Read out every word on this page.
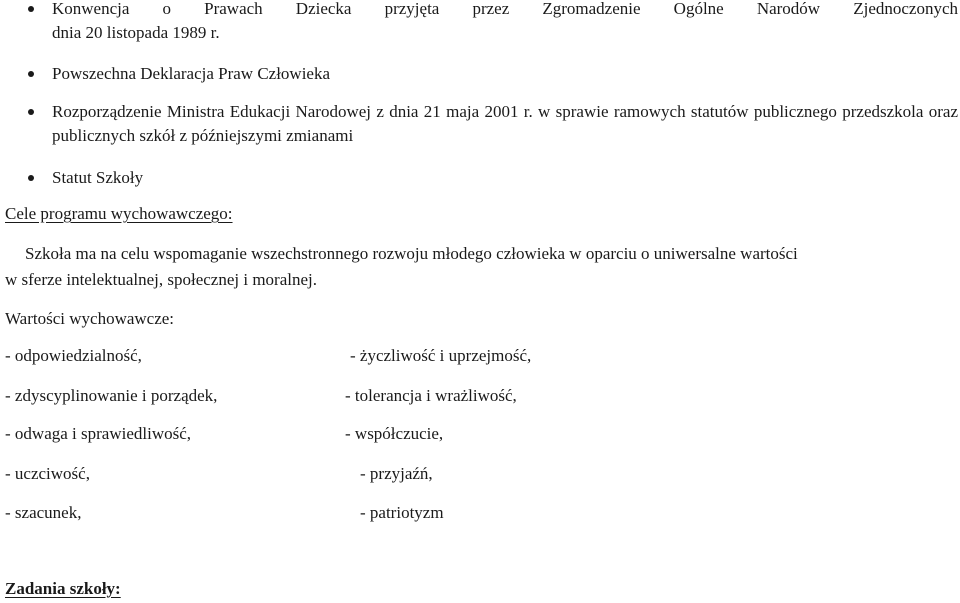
Konwencja o Prawach Dziecka przyjęta przez Zgromadzenie Ogólne Narodów Zjednoczonych
dnia 20 listopada 1989 r.
Powszechna Deklaracja Praw Człowieka
Rozporządzenie Ministra Edukacji Narodowej z dnia 21 maja 2001 r. w sprawie ramowych statutów publicznego przedszkola oraz publicznych szkół z późniejszymi zmianami
Statut Szkoły
Cele programu wychowawczego:
Szkoła ma na celu wspomaganie wszechstronnego rozwoju młodego człowieka w oparciu o uniwersalne wartości
w sferze intelektualnej, społecznej i moralnej.
Wartości wychowawcze:
- odpowiedzialność,	- życzliwość i uprzejmość,
- zdyscyplinowanie i porządek,	- tolerancja i wrażliwość,
- odwaga i sprawiedliwość,	- współczucie,
- uczciwość,	- przyjaźń,
- szacunek,	- patriotyzm
Zadania szkoły:
